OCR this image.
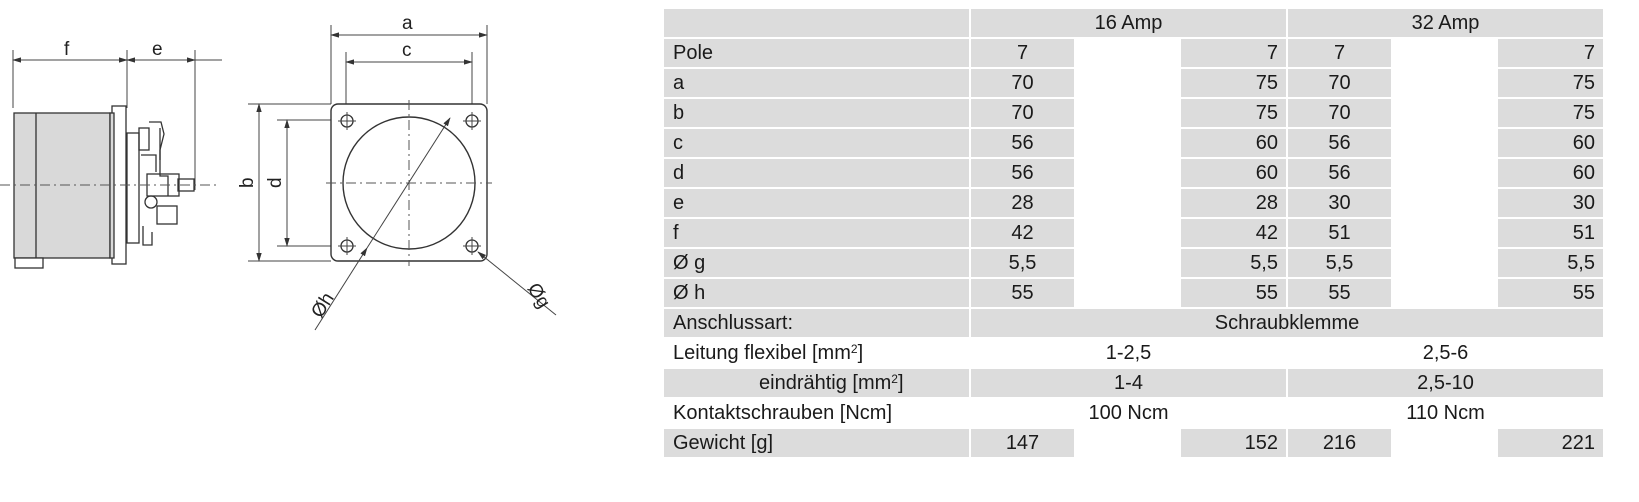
f	e
a
c
b d
Øh	Øg
	16 Amp			32 Amp		
Pole	7		7	7		7
a	70		75	70		75
b	70		75	70		75
c	56		60	56		60
d	56		60	56		60
e	28		28	30		30
f	42		42	51		51
Ø g	5,5		5,5	5,5		5,5
Ø h	55		55	55		55
Anschlussart:	Schraubklemme					
Leitung flexibel $[mm^2]$	1-2,5			2,5-6		
eindrähtig $[mm^2]$	1-4			2,5-10		
Kontaktschrauben [Ncm]	100 Ncm			110 Ncm		
Gewicht [g]	147		152	216		221
